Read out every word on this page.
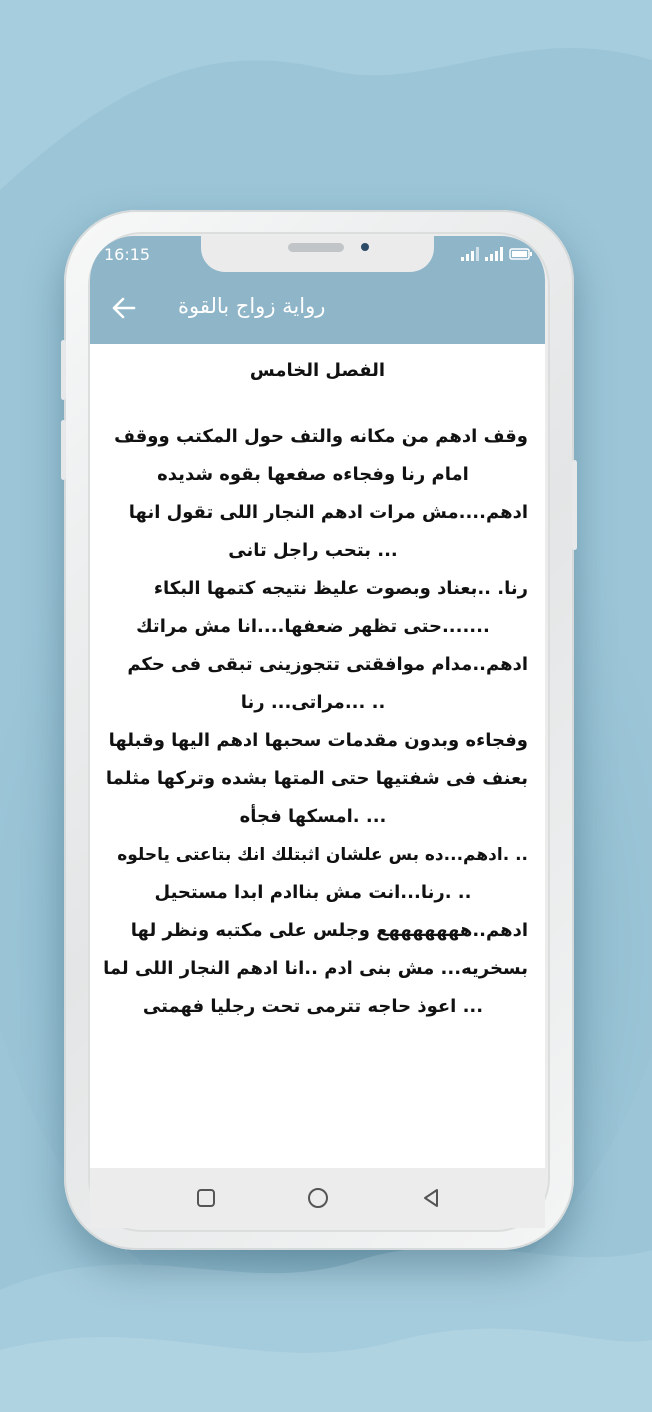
16:15
رواية زواج بالقوة
الفصل الخامس
وقف ادهم من مكانه والتف حول المكتب ووقف
امام رنا وفجاءه صفعها بقوه شديده
ادهم....مش مرات ادهم النجار اللى تقول انها
... بتحب راجل تانى
رنا. ..بعناد وبصوت عليظ نتيجه كتمها البكاء
.......حتى تظهر ضعفها....انا مش مراتك
ادهم..مدام موافقتى تتجوزينى تبقى فى حكم
.. ...مراتى... رنا
وفجاءه وبدون مقدمات سحبها ادهم اليها وقبلها
بعنف فى شفتيها حتى المتها بشده وتركها مثلما
... .امسكها فجأه
.. .ادهم...ده بس علشان اثبتلك انك بتاعتى ياحلوه
.. .رنا...انت مش بناادم ابدا مستحيل
ادهم..هههههههع وجلس على مكتبه ونظر لها
بسخريه... مش بنى ادم ..انا ادهم النجار اللى لما
... اعوذ حاجه تترمى تحت رجليا فهمتى
